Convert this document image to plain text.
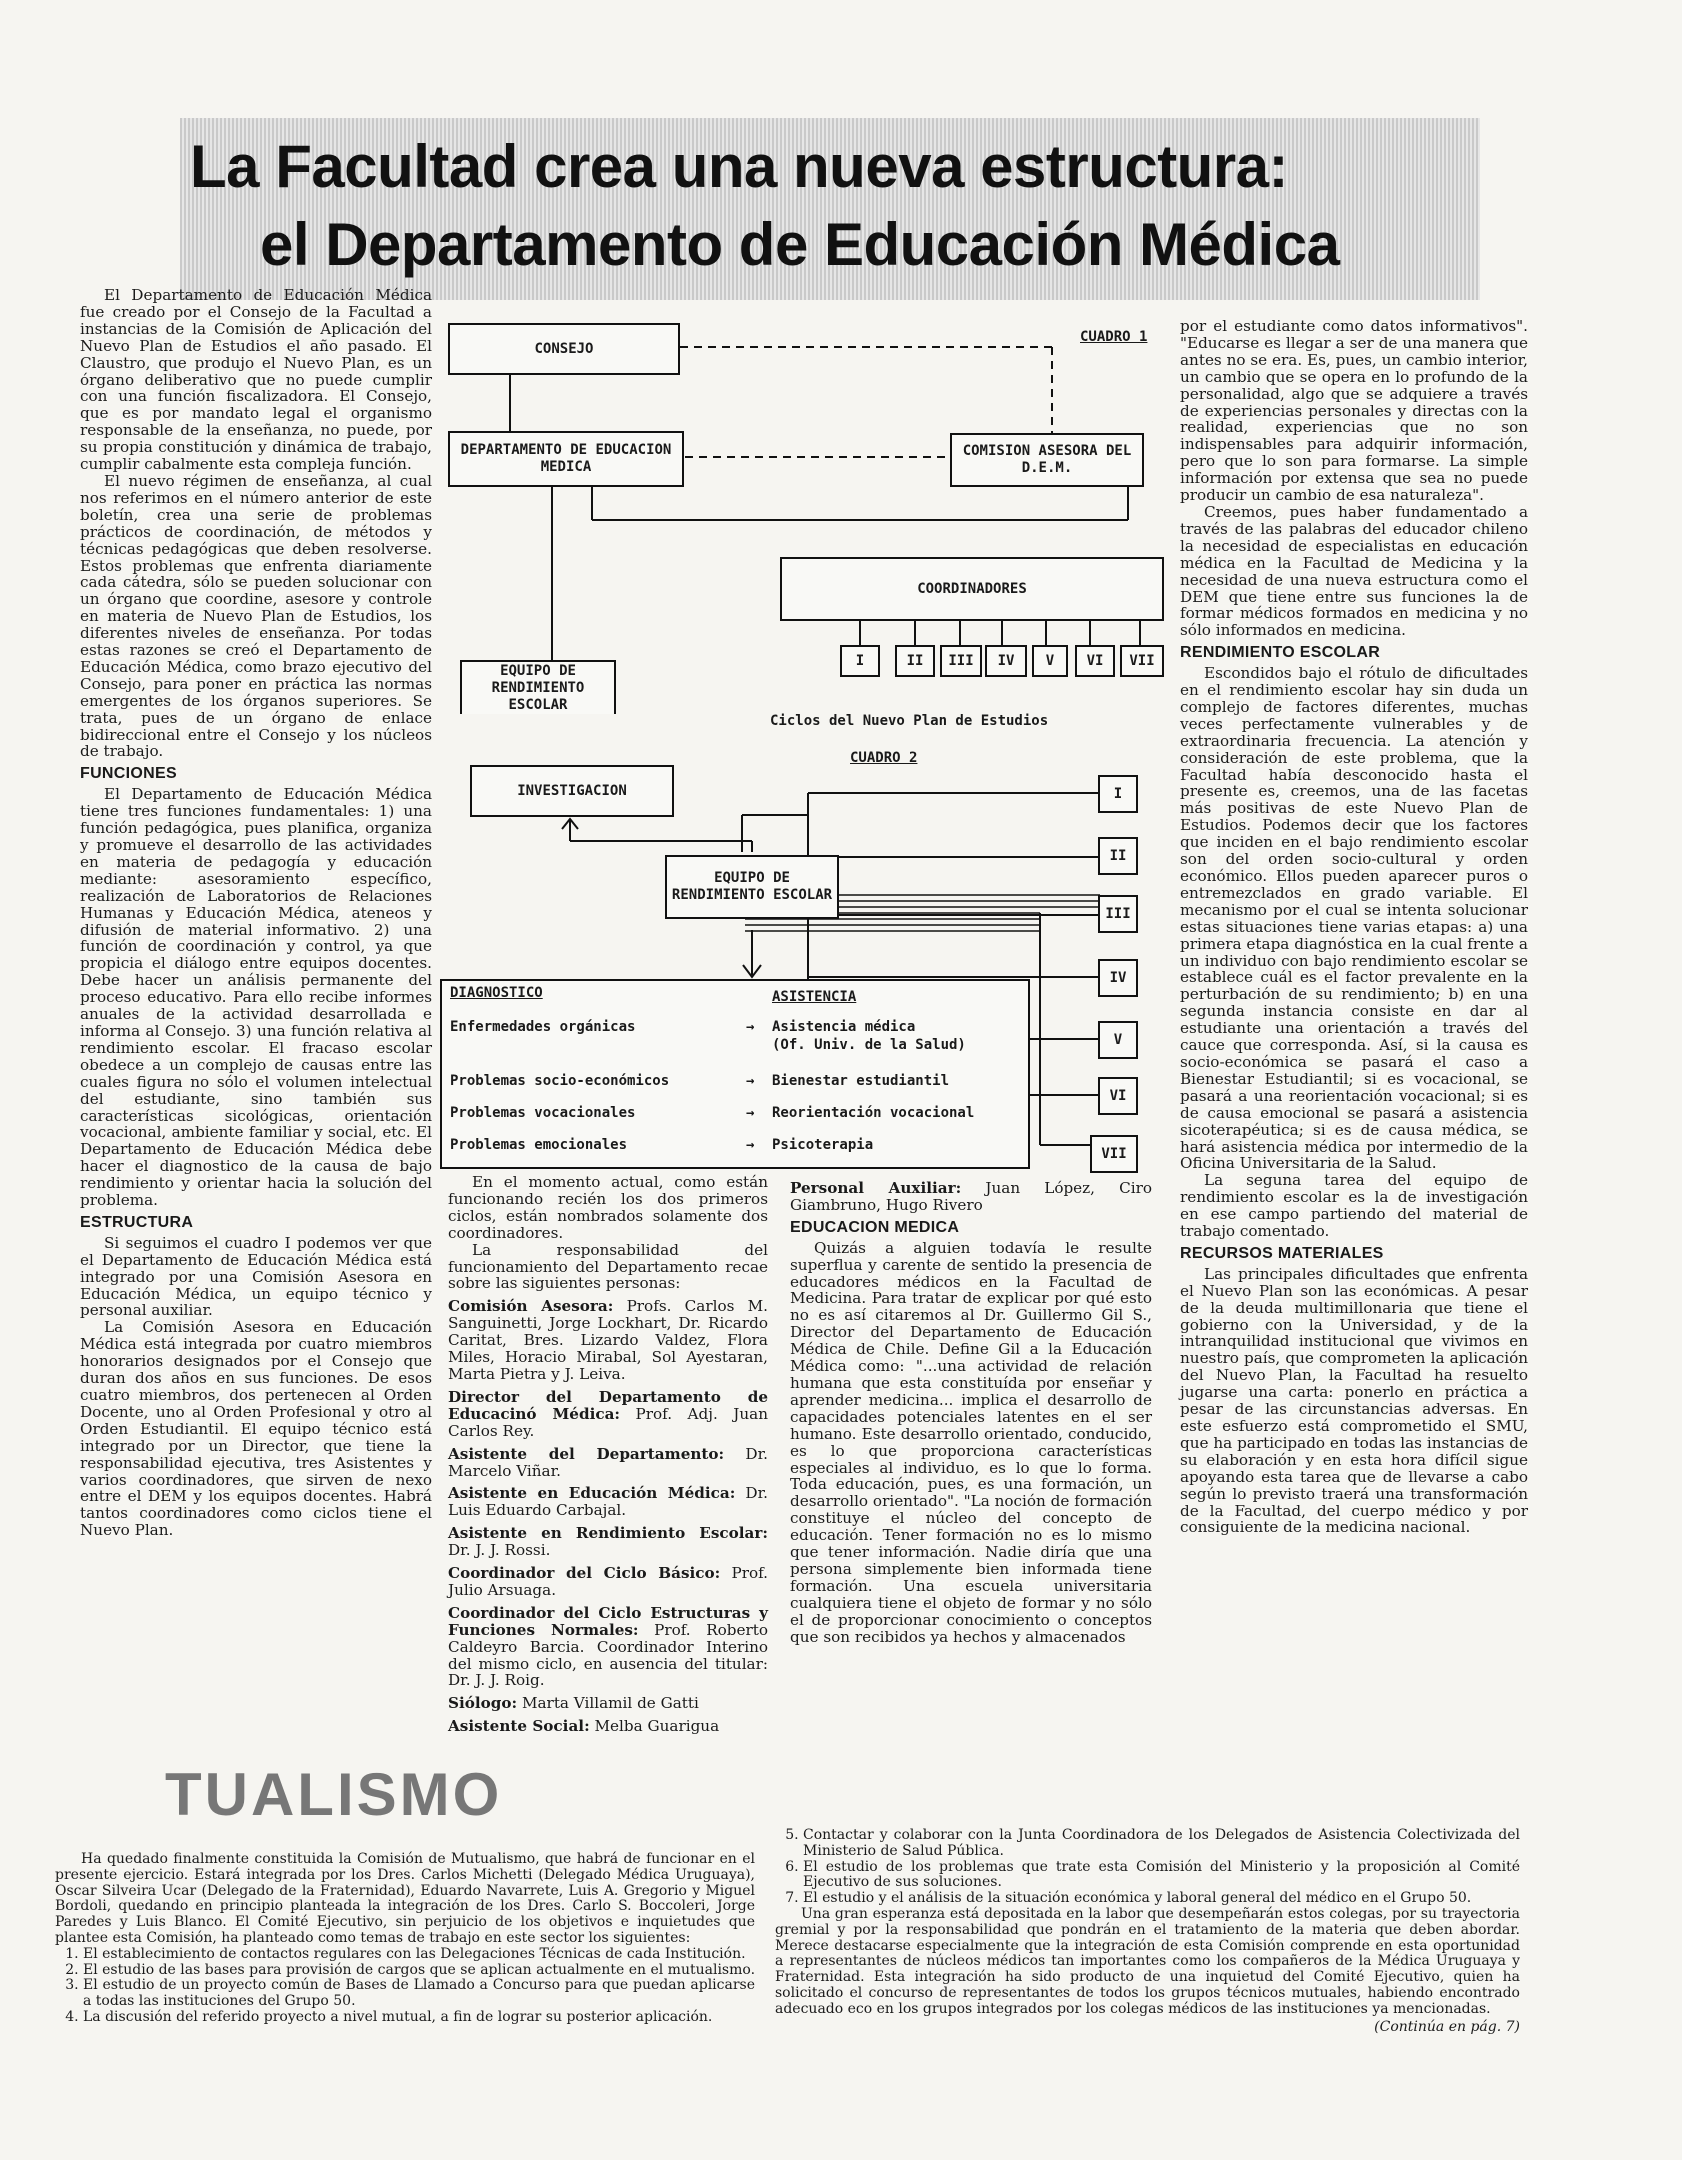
La Facultad crea una nueva estructura:
el Departamento de Educación Médica

El Departamento de Educación Médica fue creado por el Consejo de la Facultad a instancias de la Comisión de Aplicación del Nuevo Plan de Estudios el año pasado. El Claustro, que produjo el Nuevo Plan, es un órgano deliberativo que no puede cumplir con una función fiscalizadora. El Consejo, que es por mandato legal el organismo responsable de la enseñanza, no puede, por su propia constitución y dinámica de trabajo, cumplir cabalmente esta compleja función.

El nuevo régimen de enseñanza, al cual nos referimos en el número anterior de este boletín, crea una serie de problemas prácticos de coordinación, de métodos y técnicas pedagógicas que deben resolverse. Estos problemas que enfrenta diariamente cada cátedra, sólo se pueden solucionar con un órgano que coordine, asesore y controle en materia de Nuevo Plan de Estudios, los diferentes niveles de enseñanza. Por todas estas razones se creó el Departamento de Educación Médica, como brazo ejecutivo del Consejo, para poner en práctica las normas emergentes de los órganos superiores. Se trata, pues de un órgano de enlace bidireccional entre el Consejo y los núcleos de trabajo.

FUNCIONES

El Departamento de Educación Médica tiene tres funciones fundamentales: 1) una función pedagógica, pues planifica, organiza y promueve el desarrollo de las actividades en materia de pedagogía y educación mediante: asesoramiento específico, realización de Laboratorios de Relaciones Humanas y Educación Médica, ateneos y difusión de material informativo. 2) una función de coordinación y control, ya que propicia el diálogo entre equipos docentes. Debe hacer un análisis permanente del proceso educativo. Para ello recibe informes anuales de la actividad desarrollada e informa al Consejo. 3) una función relativa al rendimiento escolar. El fracaso escolar obedece a un complejo de causas entre las cuales figura no sólo el volumen intelectual del estudiante, sino también sus características sicológicas, orientación vocacional, ambiente familiar y social, etc. El Departamento de Educación Médica debe hacer el diagnostico de la causa de bajo rendimiento y orientar hacia la solución del problema.

ESTRUCTURA

Si seguimos el cuadro I podemos ver que el Departamento de Educación Médica está integrado por una Comisión Asesora en Educación Médica, un equipo técnico y personal auxiliar.

La Comisión Asesora en Educación Médica está integrada por cuatro miembros honorarios designados por el Consejo que duran dos años en sus funciones. De esos cuatro miembros, dos pertenecen al Orden Docente, uno al Orden Profesional y otro al Orden Estudiantil. El equipo técnico está integrado por un Director, que tiene la responsabilidad ejecutiva, tres Asistentes y varios coordinadores, que sirven de nexo entre el DEM y los equipos docentes. Habrá tantos coordinadores como ciclos tiene el Nuevo Plan.

CONSEJO
CUADRO 1
DEPARTAMENTO DE EDUCACION MEDICA
COMISION ASESORA DEL D.E.M.
COORDINADORES
EQUIPO DE RENDIMIENTO ESCOLAR
I	II	III	IV	V	VI	VII
Ciclos del Nuevo Plan de Estudios
CUADRO 2
INVESTIGACION
EQUIPO DE RENDIMIENTO ESCOLAR
I
II
III
IV
V
VI
VII
DIAGNOSTICO	ASISTENCIA
Enfermedades orgánicas	→ Asistencia médica
(Of. Univ. de la Salud)
Problemas socio-económicos	→ Bienestar estudiantil
Problemas vocacionales	→ Reorientación vocacional
Problemas emocionales	→ Psicoterapia

En el momento actual, como están funcionando recién los dos primeros ciclos, están nombrados solamente dos coordinadores.

La responsabilidad del funcionamiento del Departamento recae sobre las siguientes personas:

Comisión Asesora: Profs. Carlos M. Sanguinetti, Jorge Lockhart, Dr. Ricardo Caritat, Bres. Lizardo Valdez, Flora Miles, Horacio Mirabal, Sol Ayestaran, Marta Pietra y J. Leiva.

Director del Departamento de Educacinó Médica: Prof. Adj. Juan Carlos Rey.

Asistente del Departamento: Dr. Marcelo Viñar.

Asistente en Educación Médica: Dr. Luis Eduardo Carbajal.

Asistente en Rendimiento Escolar: Dr. J. J. Rossi.

Coordinador del Ciclo Básico: Prof. Julio Arsuaga.

Coordinador del Ciclo Estructuras y Funciones Normales: Prof. Roberto Caldeyro Barcia. Coordinador Interino del mismo ciclo, en ausencia del titular: Dr. J. J. Roig.

Siólogo: Marta Villamil de Gatti

Asistente Social: Melba Guarigua

Personal Auxiliar: Juan López, Ciro Giambruno, Hugo Rivero

EDUCACION MEDICA

Quizás a alguien todavía le resulte superflua y carente de sentido la presencia de educadores médicos en la Facultad de Medicina. Para tratar de explicar por qué esto no es así citaremos al Dr. Guillermo Gil S., Director del Departamento de Educación Médica de Chile. Define Gil a la Educación Médica como: "...una actividad de relación humana que esta constituída por enseñar y aprender medicina... implica el desarrollo de capacidades potenciales latentes en el ser humano. Este desarrollo orientado, conducido, es lo que proporciona características especiales al individuo, es lo que lo forma. Toda educación, pues, es una formación, un desarrollo orientado". "La noción de formación constituye el núcleo del concepto de educación. Tener formación no es lo mismo que tener información. Nadie diría que una persona simplemente bien informada tiene formación. Una escuela universitaria cualquiera tiene el objeto de formar y no sólo el de proporcionar conocimiento o conceptos que son recibidos ya hechos y almacenados

por el estudiante como datos informativos". "Educarse es llegar a ser de una manera que antes no se era. Es, pues, un cambio interior, un cambio que se opera en lo profundo de la personalidad, algo que se adquiere a través de experiencias personales y directas con la realidad, experiencias que no son indispensables para adquirir información, pero que lo son para formarse. La simple información por extensa que sea no puede producir un cambio de esa naturaleza".

Creemos, pues haber fundamentado a través de las palabras del educador chileno la necesidad de especialistas en educación médica en la Facultad de Medicina y la necesidad de una nueva estructura como el DEM que tiene entre sus funciones la de formar médicos formados en medicina y no sólo informados en medicina.

RENDIMIENTO ESCOLAR

Escondidos bajo el rótulo de dificultades en el rendimiento escolar hay sin duda un complejo de factores diferentes, muchas veces perfectamente vulnerables y de extraordinaria frecuencia. La atención y consideración de este problema, que la Facultad había desconocido hasta el presente es, creemos, una de las facetas más positivas de este Nuevo Plan de Estudios. Podemos decir que los factores que inciden en el bajo rendimiento escolar son del orden socio-cultural y orden económico. Ellos pueden aparecer puros o entremezclados en grado variable. El mecanismo por el cual se intenta solucionar estas situaciones tiene varias etapas: a) una primera etapa diagnóstica en la cual frente a un individuo con bajo rendimiento escolar se establece cuál es el factor prevalente en la perturbación de su rendimiento; b) en una segunda instancia consiste en dar al estudiante una orientación a través del cauce que corresponda. Así, si la causa es socio-económica se pasará el caso a Bienestar Estudiantil; si es vocacional, se pasará a una reorientación vocacional; si es de causa emocional se pasará a asistencia sicoterapéutica; si es de causa médica, se hará asistencia médica por intermedio de la Oficina Universitaria de la Salud.

La seguna tarea del equipo de rendimiento escolar es la de investigación en ese campo partiendo del material de trabajo comentado.

RECURSOS MATERIALES

Las principales dificultades que enfrenta el Nuevo Plan son las económicas. A pesar de la deuda multimillonaria que tiene el gobierno con la Universidad, y de la intranquilidad institucional que vivimos en nuestro país, que comprometen la aplicación del Nuevo Plan, la Facultad ha resuelto jugarse una carta: ponerlo en práctica a pesar de las circunstancias adversas. En este esfuerzo está comprometido el SMU, que ha participado en todas las instancias de su elaboración y en esta hora difícil sigue apoyando esta tarea que de llevarse a cabo según lo previsto traerá una transformación de la Facultad, del cuerpo médico y por consiguiente de la medicina nacional.

TUALISMO

Ha quedado finalmente constituida la Comisión de Mutualismo, que habrá de funcionar en el presente ejercicio. Estará integrada por los Dres. Carlos Michetti (Delegado Médica Uruguaya), Oscar Silveira Ucar (Delegado de la Fraternidad), Eduardo Navarrete, Luis A. Gregorio y Miguel Bordoli, quedando en principio planteada la integración de los Dres. Carlo S. Boccoleri, Jorge Paredes y Luis Blanco. El Comité Ejecutivo, sin perjuicio de los objetivos e inquietudes que plantee esta Comisión, ha planteado como temas de trabajo en este sector los siguientes:

1. El establecimiento de contactos regulares con las Delegaciones Técnicas de cada Institución.
2. El estudio de las bases para provisión de cargos que se aplican actualmente en el mutualismo.
3. El estudio de un proyecto común de Bases de Llamado a Concurso para que puedan aplicarse a todas las instituciones del Grupo 50.
4. La discusión del referido proyecto a nivel mutual, a fin de lograr su posterior aplicación.
5. Contactar y colaborar con la Junta Coordinadora de los Delegados de Asistencia Colectivizada del Ministerio de Salud Pública.
6. El estudio de los problemas que trate esta Comisión del Ministerio y la proposición al Comité Ejecutivo de sus soluciones.
7. El estudio y el análisis de la situación económica y laboral general del médico en el Grupo 50.

Una gran esperanza está depositada en la labor que desempeñarán estos colegas, por su trayectoria gremial y por la responsabilidad que pondrán en el tratamiento de la materia que deben abordar. Merece destacarse especialmente que la integración de esta Comisión comprende en esta oportunidad a representantes de núcleos médicos tan importantes como los compañeros de la Médica Uruguaya y Fraternidad. Esta integración ha sido producto de una inquietud del Comité Ejecutivo, quien ha solicitado el concurso de representantes de todos los grupos técnicos mutuales, habiendo encontrado adecuado eco en los grupos integrados por los colegas médicos de las instituciones ya mencionadas.

(Continúa en pág. 7)
